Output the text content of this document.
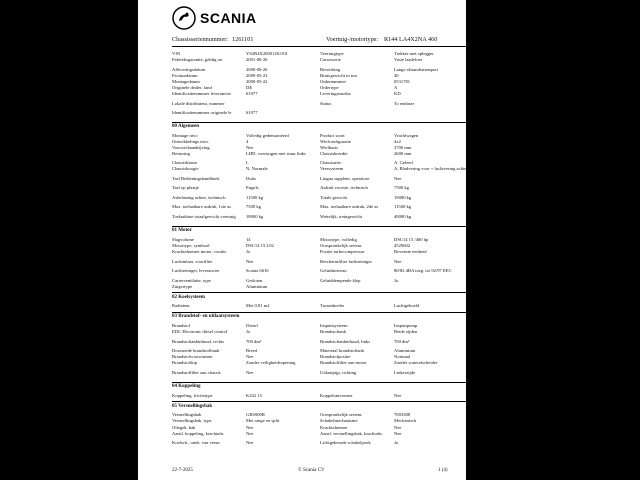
SCANIA
Chassisseriennummer: 1261101	Voertuig-/motortype: R144 LA4X2NA 460
VIN	YS2R4X20001261101	Voertuigtype	Trekker met oplegger
Fabrieksgarantie, geldig tot	2001-06-26	Carrosserie	Vaste laadvloer
Afleveringsdatum	2000-06-26	Bewerking	Lange afstandstransport
Factuurdatum	2000-05-23	Brutogewicht in ton	40
Montagedatum	2000-05-22	Ordernummer	0531781
Originele dealer, land	DE	Ordertype	A
Identificatienummer leverancier	61077	Leveringsmodus	KD
Lokale distributeur, nummer	Status	To enduser
Identificatienummer originele le	61077
00 Algemeen
Montage nivo	Volledig gedemonteerd	Product soort	Vrachtwagen
Ontwikkelings nivo	4	Wielconfiguratie	4x2
Voorwielaandrijving	Nee	Wielbasis	3700 mm
Besturing	LHD, voertuigen met stuur links	Chassisbreedte	2600 mm
Chassisklasse	L	Chassisuitv.	A, Geleed
Chassishoogte	N, Normale	Veersysteem	A, Bladvering voor + luchtvering achter
Taal Bedieningshandboek	Duits	Lingua supplem. operatore	Nee
Taal op plaatje	Engels	Asdruk voorste, technisch	7500 kg
Asbelasting achter, technisch	11500 kg	Totale gewicht	19000 kg
Max. toelaatbare asdruk, 1ste as	7500 kg	Max. toelaatbare asdruk, 2de as	11500 kg
Toelaatbare totaalgewicht voertuig 18000 kg	Wettelijk, treingewicht	40000 kg
01 Motor
Slagvolume	14	Motortype, volledig	DSC14 15 /460 hp
Motortype, symbool	DSC14 15 L02	Oorspronkelijk serienr.	4529602
Krachtafnemer motor, voorkr.	Ja	Positie turbocompressor	Bovenste eenheid
Luchtinlaat, voorfilter	Nee	Beschermfilter luchtreiniger	Nee
Luchtreiniger, leverancier	Scania 6616	Geluidsniveau	80/82 dBA toeg. tot 92/97 EEC
Carterventilatie, type	Gesloten	Geluiddempende klep	Ja
Zuigertype	Aluminium
02 Koelsysteem
Radiateur	Met 0,81 m2	Tussenkoeler	Luchtgekoeld
03 Brandstof- en uitlaatsysteem
Brandstof	Diesel	Inspuitsysteem	Inspuitpomp
EDC Electronic diesel control	Ja	Brandstoftank	Beide zijden
Brandstoftankinhoud, rechts	700 dm³	Brandstoftankinhoud, links	700 dm³
Doorsnede brandstofbank	Breed	Materiaal brandstoftank	Aluminium
Brandstofvoorwarmer	Nee	Brandstofpositie	Normaal
Brandstofdop	Zonder veiligheidsopening	Brandstoffilter aan motor	Zonder waterafscheider
Brandstoffilter aan chassis	Nee	Uitlaatpijp, richting	Linkerzijde
04 Koppeling
Koppeling, frictietype	K432 15	Koppelomvormer	Nee
05 Versnellingsbak
Versnellingsbak	GRS900R	Oorspronkelijk serienr.	7003388
Versnellingsbak, type	Met range en split	Schakelmechanisme	Mechanisch
Oliegek. bak	Nee	Krachtafnemer	Nee
Aansl. koppeling, krachtafn.	Nee	Aansl. versnellingsbak, krachtafn. Nee
Koelsch., oneh. van versn.	Nee	Lichtgekeurde schakelpook	Ja
22-7-2025	© Scania CV	1 (4)
